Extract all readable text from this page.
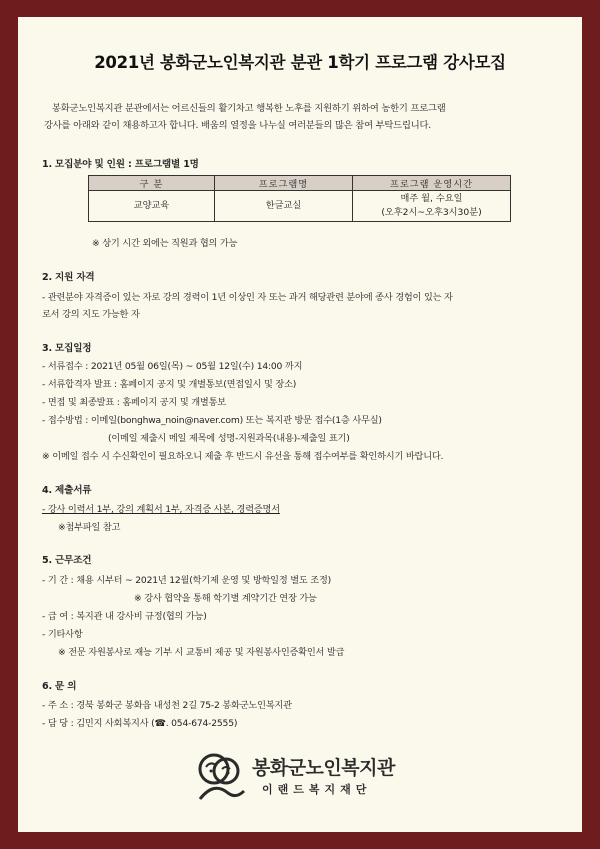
2021년 봉화군노인복지관 분관 1학기 프로그램 강사모집

봉화군노인복지관 분관에서는 어르신들의 활기차고 행복한 노후를 지원하기 위하여 농한기 프로그램

강사를 아래와 같이 채용하고자 합니다. 배움의 열정을 나누실 여러분들의 많은 참여 부탁드립니다.

1. 모집분야 및 인원 : 프로그램별 1명
구 분	프로그램명	프로그램 운영시간
교양교육	한글교실	매주 월, 수요일
(오후2시~오후3시30분)
※ 상기 시간 외에는 직원과 협의 가능
2. 지원 자격
- 관련분야 자격증이 있는 자로 강의 경력이 1년 이상인 자 또는 과거 해당관련 분야에 종사 경험이 있는 자
로서 강의 지도 가능한 자
3. 모집일정
- 서류접수 : 2021년 05월 06일(목) ~ 05월 12일(수) 14:00 까지
- 서류합격자 발표 : 홈페이지 공지 및 개별통보(면접일시 및 장소)
- 면접 및 최종발표 : 홈페이지 공지 및 개별통보
- 접수방법 : 이메일(bonghwa_noin@naver.com) 또는 복지관 방문 접수(1층 사무실)
(이메일 제출시 메일 제목에 성명-지원과목(내용)-제출일 표기)
※ 이메일 접수 시 수신확인이 필요하오니 제출 후 반드시 유선을 통해 접수여부를 확인하시기 바랍니다.
4. 제출서류
- 강사 이력서 1부, 강의 계획서 1부, 자격증 사본, 경력증명서
※첨부파일 참고
5. 근무조건
- 기 간 : 채용 시부터 ~ 2021년 12월(학기제 운영 및 방학일정 별도 조정)
※ 강사 협약을 통해 학기별 계약기간 연장 가능
- 급 여 : 복지관 내 강사비 규정(협의 가능)
- 기타사항
※ 전문 자원봉사로 재능 기부 시 교통비 제공 및 자원봉사인증확인서 발급
6. 문 의
- 주 소 : 경북 봉화군 봉화읍 내성천 2길 75-2 봉화군노인복지관
- 담 당 : 김민지 사회복지사 (☎. 054-674-2555)
봉화군노인복지관
이랜드복지재단
